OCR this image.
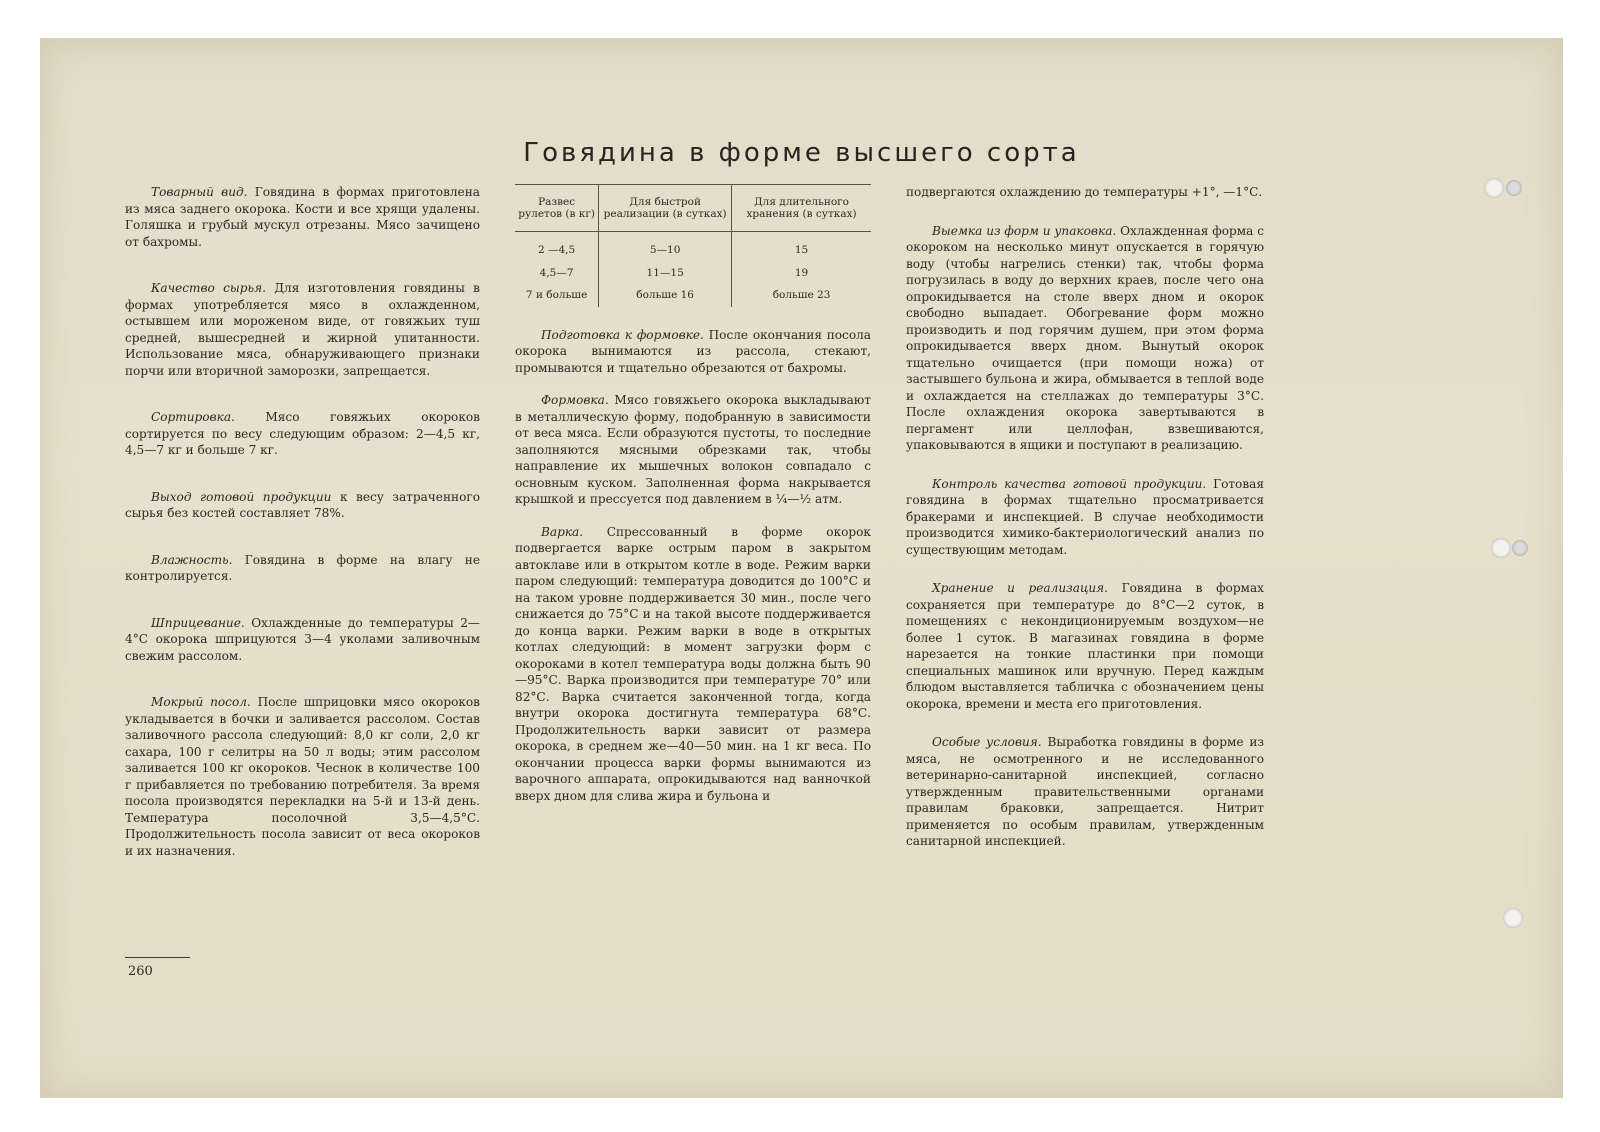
Говядина в форме высшего сорта

Товарный вид. Говядина в формах приготовлена из мяса заднего окорока. Кости и все хрящи удалены. Голяшка и грубый мускул отрезаны. Мясо зачищено от бахромы.

Качество сырья. Для изготовления говядины в формах употребляется мясо в охлажденном, остывшем или мороженом виде, от говяжьих туш средней, вышесредней и жирной упитанности. Использование мяса, обнаруживающего признаки порчи или вторичной заморозки, запрещается.

Сортировка. Мясо говяжьих окороков сортируется по весу следующим образом: 2—4,5 кг, 4,5—7 кг и больше 7 кг.

Выход готовой продукции к весу затраченного сырья без костей составляет 78%.

Влажность. Говядина в форме на влагу не контролируется.

Шприцевание. Охлажденные до температуры 2—4°С окорока шприцуются 3—4 уколами заливочным свежим рассолом.

Мокрый посол. После шприцовки мясо окороков укладывается в бочки и заливается рассолом. Состав заливочного рассола следующий: 8,0 кг соли, 2,0 кг сахара, 100 г селитры на 50 л воды; этим рассолом заливается 100 кг окороков. Чеснок в количестве 100 г прибавляется по требованию потребителя. За время посола производятся перекладки на 5-й и 13-й день. Температура посолочной 3,5—4,5°С. Продолжительность посола зависит от веса окороков и их назначения.

Развес рулетов (в кг)	Для быстрой реализации (в сутках)	Для длительного хранения (в сутках)
2 —4,5	5—10	15
4,5—7	11—15	19
7 и больше	больше 16	больше 23

Подготовка к формовке. После окончания посола окорока вынимаются из рассола, стекают, промываются и тщательно обрезаются от бахромы.

Формовка. Мясо говяжьего окорока выкладывают в металлическую форму, подобранную в зависимости от веса мяса. Если образуются пустоты, то последние заполняются мясными обрезками так, чтобы направление их мышечных волокон совпадало с основным куском. Заполненная форма накрывается крышкой и прессуется под давлением в ¼—½ атм.

Варка. Спрессованный в форме окорок подвергается варке острым паром в закрытом автоклаве или в открытом котле в воде. Режим варки паром следующий: температура доводится до 100°С и на таком уровне поддерживается 30 мин., после чего снижается до 75°С и на такой высоте поддерживается до конца варки. Режим варки в воде в открытых котлах следующий: в момент загрузки форм с окороками в котел температура воды должна быть 90—95°С. Варка производится при температуре 70° или 82°С. Варка считается законченной тогда, когда внутри окорока достигнута температура 68°С. Продолжительность варки зависит от размера окорока, в среднем же—40—50 мин. на 1 кг веса. По окончании процесса варки формы вынимаются из варочного аппарата, опрокидываются над ванночкой вверх дном для слива жира и бульона и

подвергаются охлаждению до температуры +1°, —1°С.

Выемка из форм и упаковка. Охлажденная форма с окороком на несколько минут опускается в горячую воду (чтобы нагрелись стенки) так, чтобы форма погрузилась в воду до верхних краев, после чего она опрокидывается на столе вверх дном и окорок свободно выпадает. Обогревание форм можно производить и под горячим душем, при этом форма опрокидывается вверх дном. Вынутый окорок тщательно очищается (при помощи ножа) от застывшего бульона и жира, обмывается в теплой воде и охлаждается на стеллажах до температуры 3°С. После охлаждения окорока завертываются в пергамент или целлофан, взвешиваются, упаковываются в ящики и поступают в реализацию.

Контроль качества готовой продукции. Готовая говядина в формах тщательно просматривается бракерами и инспекцией. В случае необходимости производится химико-бактериологический анализ по существующим методам.

Хранение и реализация. Говядина в формах сохраняется при температуре до 8°С—2 суток, в помещениях с некондиционируемым воздухом—не более 1 суток. В магазинах говядина в форме нарезается на тонкие пластинки при помощи специальных машинок или вручную. Перед каждым блюдом выставляется табличка с обозначением цены окорока, времени и места его приготовления.

Особые условия. Выработка говядины в форме из мяса, не осмотренного и не исследованного ветеринарно-санитарной инспекцией, согласно утвержденным правительственными органами правилам браковки, запрещается. Нитрит применяется по особым правилам, утвержденным санитарной инспекцией.

260
